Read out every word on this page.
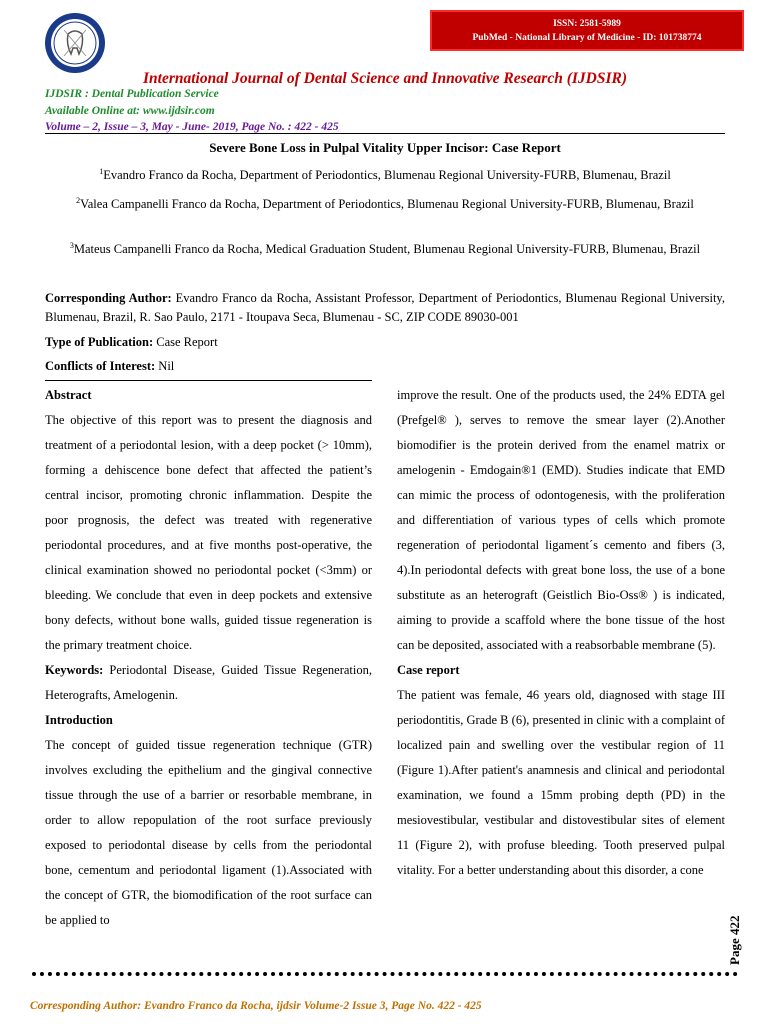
ISSN: 2581-5989
PubMed - National Library of Medicine - ID: 101738774
International Journal of Dental Science and Innovative Research (IJDSIR)
IJDSIR : Dental Publication Service
Available Online at: www.ijdsir.com
Volume – 2, Issue – 3, May - June- 2019, Page No. : 422 - 425
Severe Bone Loss in Pulpal Vitality Upper Incisor: Case Report
$^1$Evandro Franco da Rocha, Department of Periodontics, Blumenau Regional University-FURB, Blumenau, Brazil
$^2$Valea Campanelli Franco da Rocha, Department of Periodontics, Blumenau Regional University-FURB, Blumenau, Brazil
$^3$Mateus Campanelli Franco da Rocha, Medical Graduation Student, Blumenau Regional University-FURB, Blumenau, Brazil
Corresponding Author: Evandro Franco da Rocha, Assistant Professor, Department of Periodontics, Blumenau Regional University, Blumenau, Brazil, R. Sao Paulo, 2171 - Itoupava Seca, Blumenau - SC, ZIP CODE 89030-001
Type of Publication: Case Report
Conflicts of Interest: Nil

Abstract

The objective of this report was to present the diagnosis and treatment of a periodontal lesion, with a deep pocket (> 10mm), forming a dehiscence bone defect that affected the patient’s central incisor, promoting chronic inflammation. Despite the poor prognosis, the defect was treated with regenerative periodontal procedures, and at five months post-operative, the clinical examination showed no periodontal pocket (<3mm) or bleeding. We conclude that even in deep pockets and extensive bony defects, without bone walls, guided tissue regeneration is the primary treatment choice.

Keywords: Periodontal Disease, Guided Tissue Regeneration, Heterografts, Amelogenin.

Introduction

The concept of guided tissue regeneration technique (GTR) involves excluding the epithelium and the gingival connective tissue through the use of a barrier or resorbable membrane, in order to allow repopulation of the root surface previously exposed to periodontal disease by cells from the periodontal bone, cementum and periodontal ligament (1).Associated with the concept of GTR, the biomodification of the root surface can be applied to

improve the result. One of the products used, the 24% EDTA gel (Prefgel® ), serves to remove the smear layer (2).Another biomodifier is the protein derived from the enamel matrix or amelogenin - Emdogain®1 (EMD). Studies indicate that EMD can mimic the process of odontogenesis, with the proliferation and differentiation of various types of cells which promote regeneration of periodontal ligament´s cemento and fibers (3, 4).In periodontal defects with great bone loss, the use of a bone substitute as an heterograft (Geistlich Bio-Oss® ) is indicated, aiming to provide a scaffold where the bone tissue of the host can be deposited, associated with a reabsorbable membrane (5).

Case report

The patient was female, 46 years old, diagnosed with stage III periodontitis, Grade B (6), presented in clinic with a complaint of localized pain and swelling over the vestibular region of 11 (Figure 1).After patient's anamnesis and clinical and periodontal examination, we found a 15mm probing depth (PD) in the mesiovestibular, vestibular and distovestibular sites of element 11 (Figure 2), with profuse bleeding. Tooth preserved pulpal vitality. For a better understanding about this disorder, a cone

Page 422
Corresponding Author: Evandro Franco da Rocha, ijdsir Volume-2 Issue 3, Page No. 422 - 425
